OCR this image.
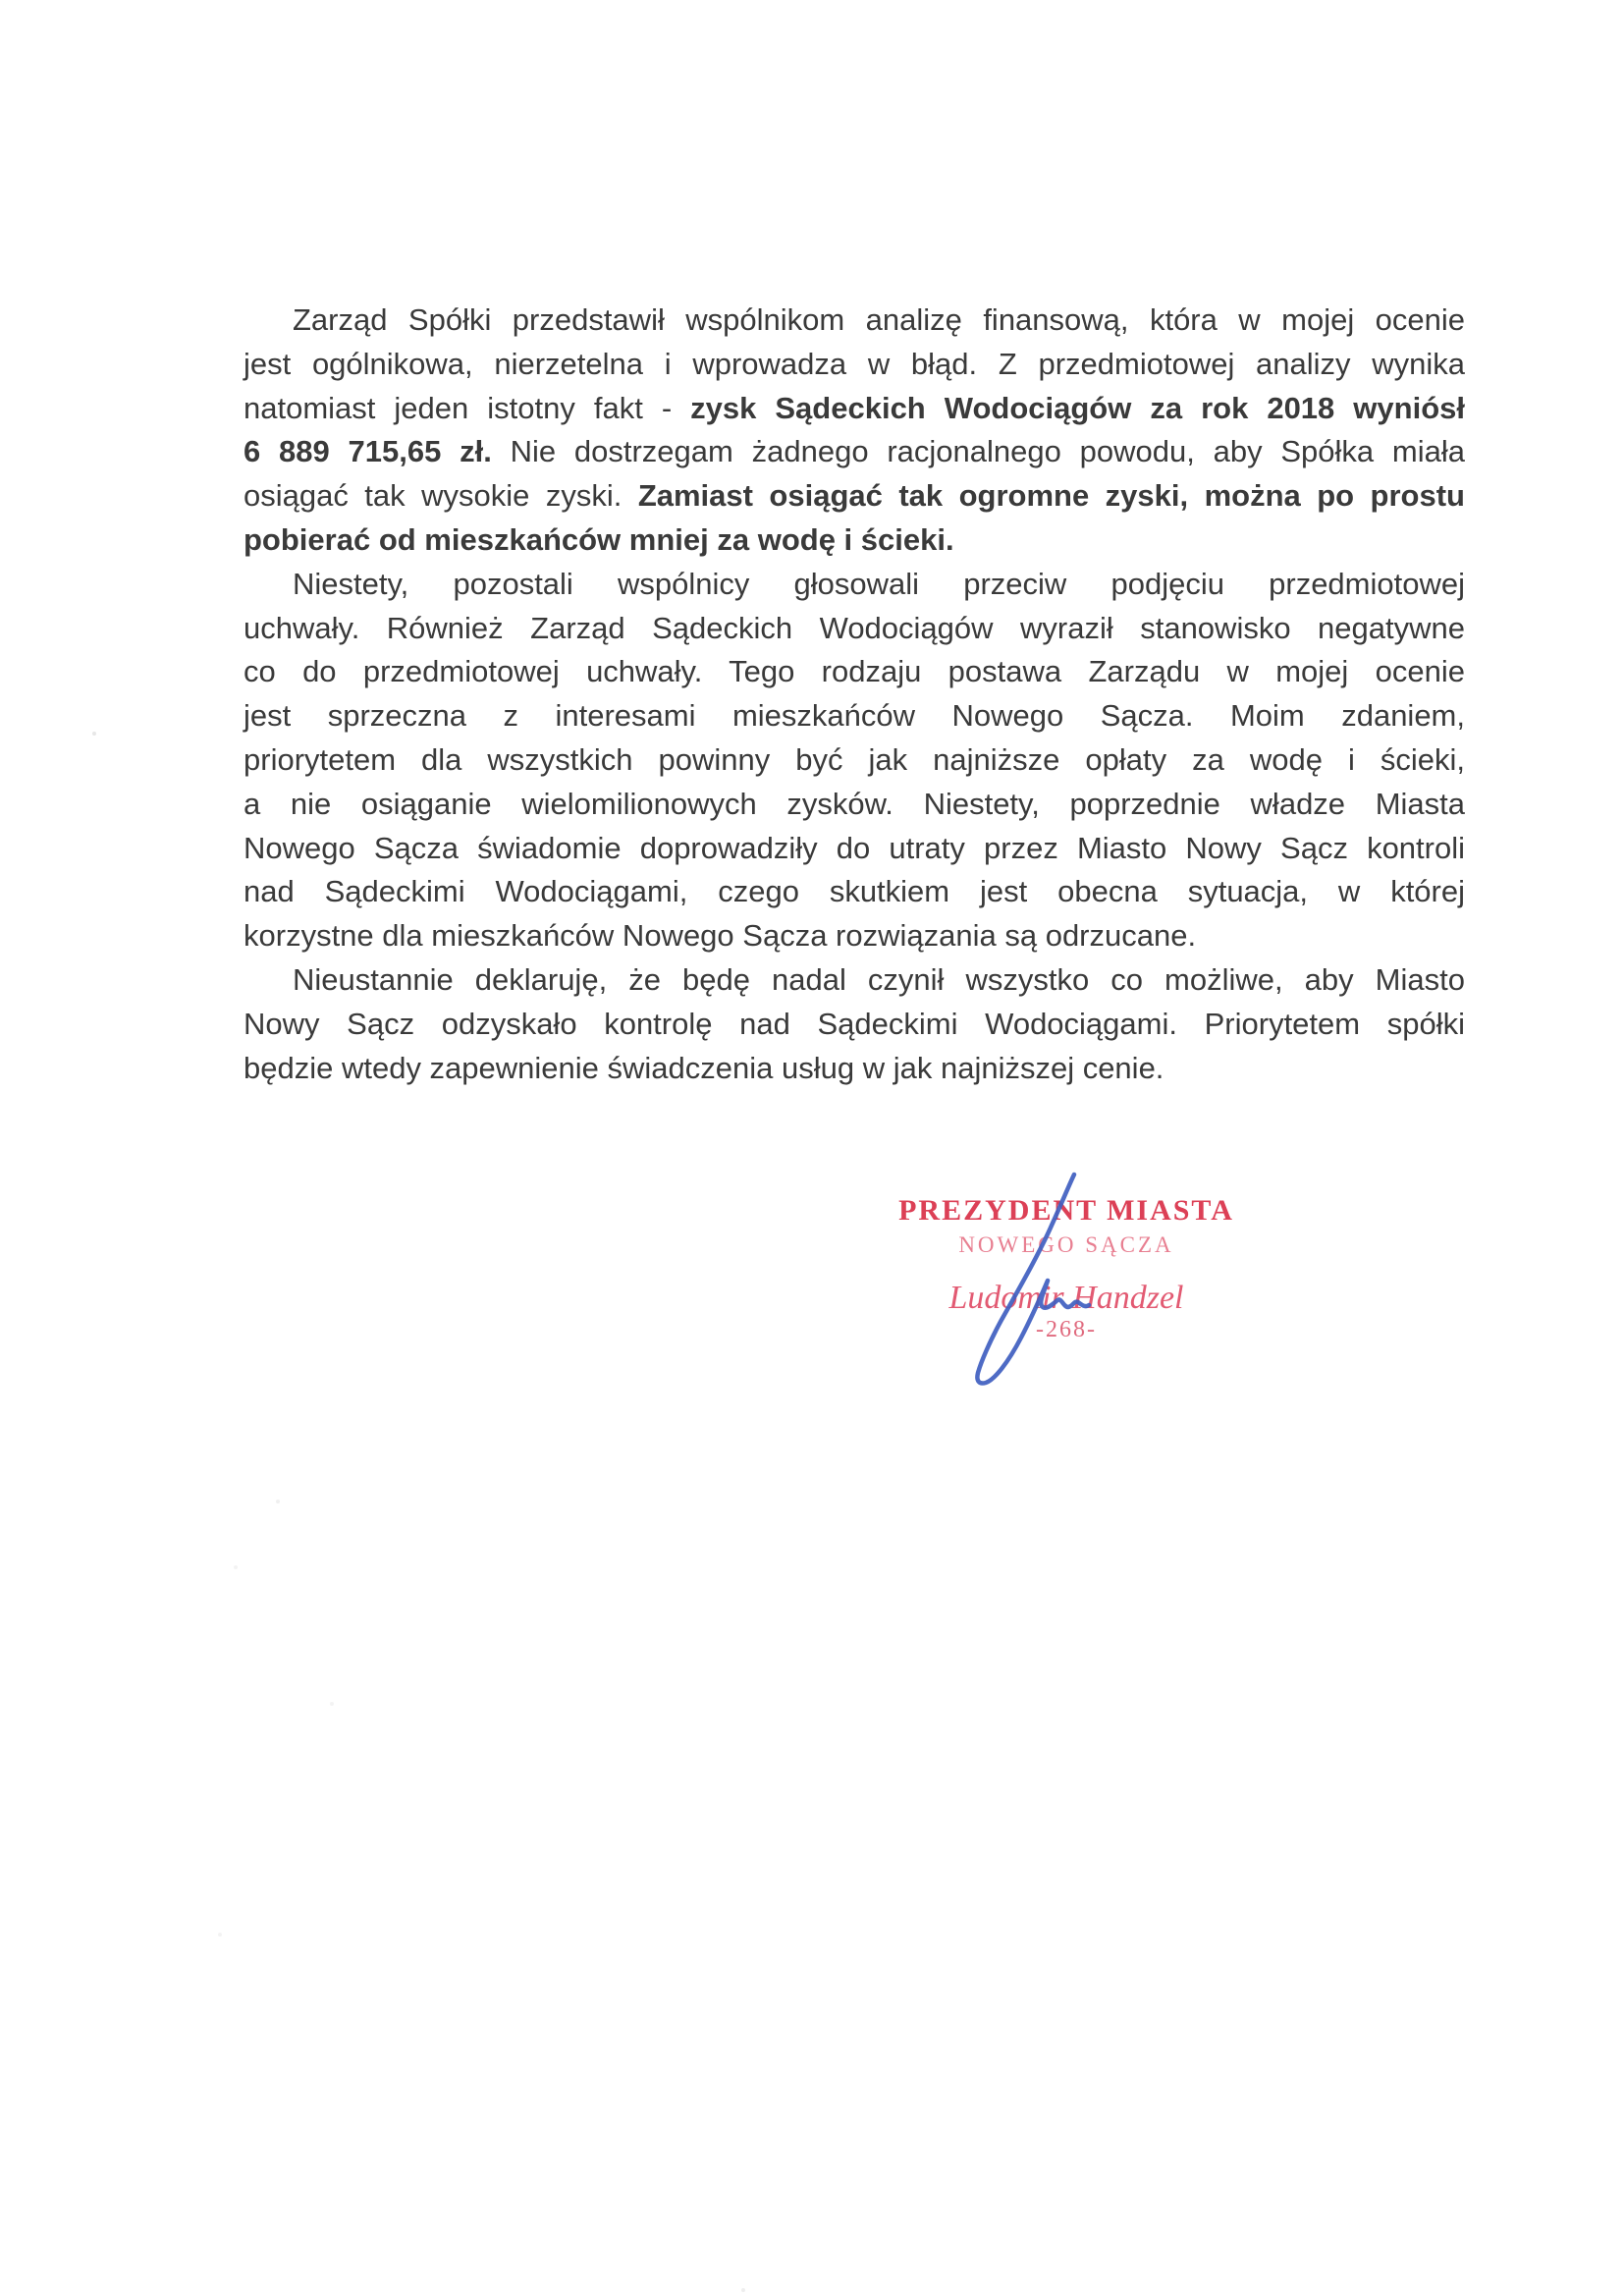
Zarząd Spółki przedstawił wspólnikom analizę finansową, która w mojej ocenie
jest ogólnikowa, nierzetelna i wprowadza w błąd. Z przedmiotowej analizy wynika
natomiast jeden istotny fakt - zysk Sądeckich Wodociągów za rok 2018 wyniósł
6 889 715,65 zł. Nie dostrzegam żadnego racjonalnego powodu, aby Spółka miała
osiągać tak wysokie zyski. Zamiast osiągać tak ogromne zyski, można po prostu
pobierać od mieszkańców mniej za wodę i ścieki.
Niestety, pozostali wspólnicy głosowali przeciw podjęciu przedmiotowej
uchwały. Również Zarząd Sądeckich Wodociągów wyraził stanowisko negatywne
co do przedmiotowej uchwały. Tego rodzaju postawa Zarządu w mojej ocenie
jest sprzeczna z interesami mieszkańców Nowego Sącza. Moim zdaniem,
priorytetem dla wszystkich powinny być jak najniższe opłaty za wodę i ścieki,
a nie osiąganie wielomilionowych zysków. Niestety, poprzednie władze Miasta
Nowego Sącza świadomie doprowadziły do utraty przez Miasto Nowy Sącz kontroli
nad Sądeckimi Wodociągami, czego skutkiem jest obecna sytuacja, w której
korzystne dla mieszkańców Nowego Sącza rozwiązania są odrzucane.
Nieustannie deklaruję, że będę nadal czynił wszystko co możliwe, aby Miasto
Nowy Sącz odzyskało kontrolę nad Sądeckimi Wodociągami. Priorytetem spółki
będzie wtedy zapewnienie świadczenia usług w jak najniższej cenie.
PREZYDENT MIASTA
NOWEGO SĄCZA
Ludomir Handzel
-268-
